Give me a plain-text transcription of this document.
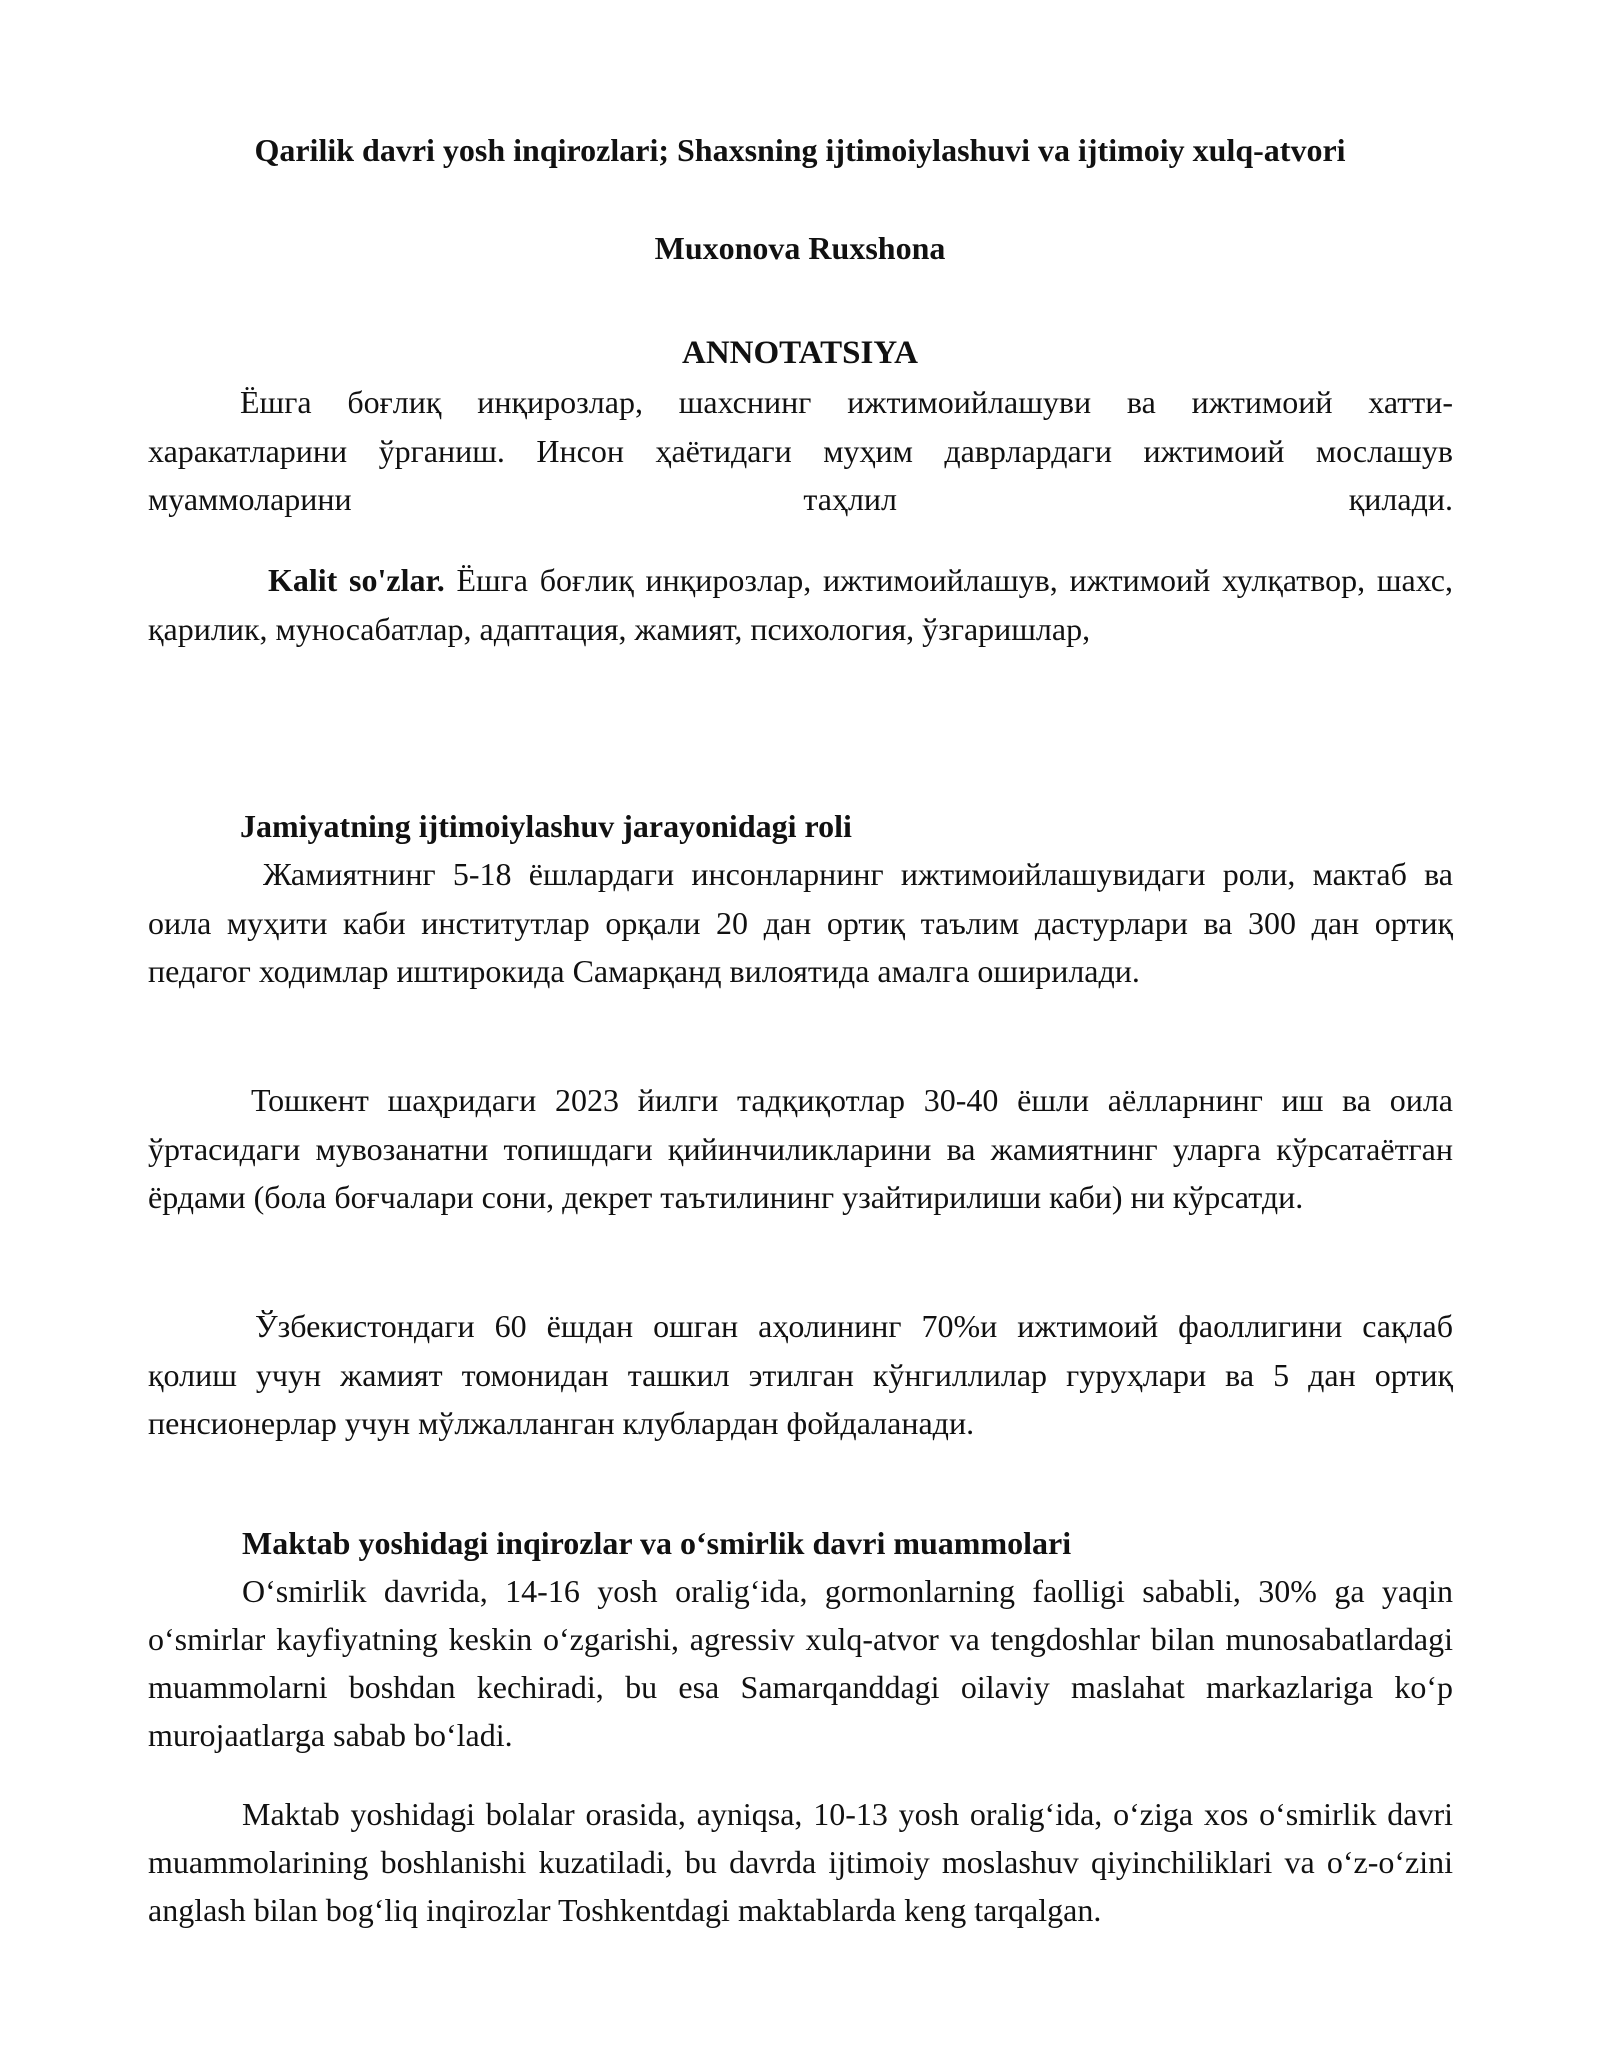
Qarilik davri yosh inqirozlari; Shaxsning ijtimoiylashuvi va ijtimoiy xulq-atvori
Muxonova Ruxshona
ANNOTATSIYA

Ёшга боғлиқ инқирозлар, шахснинг ижтимоийлашуви ва ижтимоий хатти-харакатларини ўрганиш. Инсон ҳаётидаги муҳим даврлардаги ижтимоий мослашув муаммоларини таҳлил қилади.

Kalit so'zlar. Ёшга боғлиқ инқирозлар, ижтимоийлашув, ижтимоий хулқатвор, шахс, қарилик, муносабатлар, адаптация, жамият, психология, ўзгаришлар,

Jamiyatning ijtimoiylashuv jarayonidagi roli

Жамиятнинг 5-18 ёшлардаги инсонларнинг ижтимоийлашувидаги роли, мактаб ва оила муҳити каби институтлар орқали 20 дан ортиқ таълим дастурлари ва 300 дан ортиқ педагог ходимлар иштирокида Самарқанд вилоятида амалга оширилади.

Тошкент шаҳридаги 2023 йилги тадқиқотлар 30-40 ёшли аёлларнинг иш ва оила ўртасидаги мувозанатни топишдаги қийинчиликларини ва жамиятнинг уларга кўрсатаётган ёрдами (бола боғчалари сони, декрет таътилининг узайтирилиши каби) ни кўрсатди.

Ўзбекистондаги 60 ёшдан ошган аҳолининг 70%и ижтимоий фаоллигини сақлаб қолиш учун жамият томонидан ташкил этилган кўнгиллилар гуруҳлари ва 5 дан ортиқ пенсионерлар учун мўлжалланган клублардан фойдаланади.

Maktab yoshidagi inqirozlar va oʻsmirlik davri muammolari

Oʻsmirlik davrida, 14-16 yosh oraligʻida, gormonlarning faolligi sababli, 30% ga yaqin oʻsmirlar kayfiyatning keskin oʻzgarishi, agressiv xulq-atvor va tengdoshlar bilan munosabatlardagi muammolarni boshdan kechiradi, bu esa Samarqanddagi oilaviy maslahat markazlariga koʻp murojaatlarga sabab boʻladi.

Maktab yoshidagi bolalar orasida, ayniqsa, 10-13 yosh oraligʻida, oʻziga xos oʻsmirlik davri muammolarining boshlanishi kuzatiladi, bu davrda ijtimoiy moslashuv qiyinchiliklari va oʻz-oʻzini anglash bilan bogʻliq inqirozlar Toshkentdagi maktablarda keng tarqalgan.
